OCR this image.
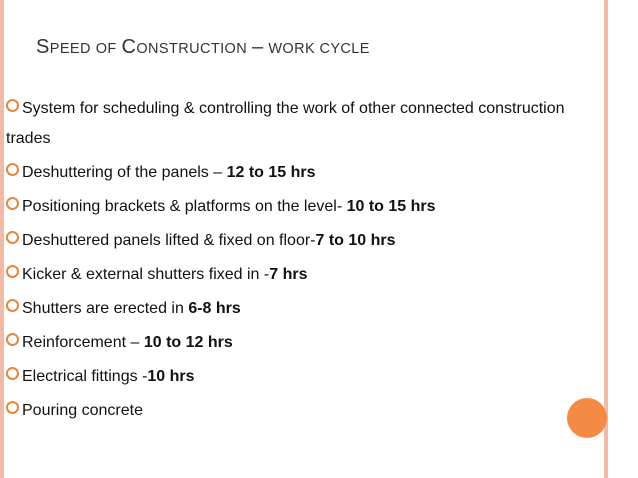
SPEED OF CONSTRUCTION – WORK CYCLE
System for scheduling & controlling the work of other connected construction trades
Deshuttering of the panels – 12 to 15 hrs
Positioning brackets & platforms on the level- 10 to 15 hrs
Deshuttered panels lifted & fixed on floor-7 to 10 hrs
Kicker & external shutters fixed in -7 hrs
Shutters are erected in 6-8 hrs
Reinforcement – 10 to 12 hrs
Electrical fittings -10 hrs
Pouring concrete
